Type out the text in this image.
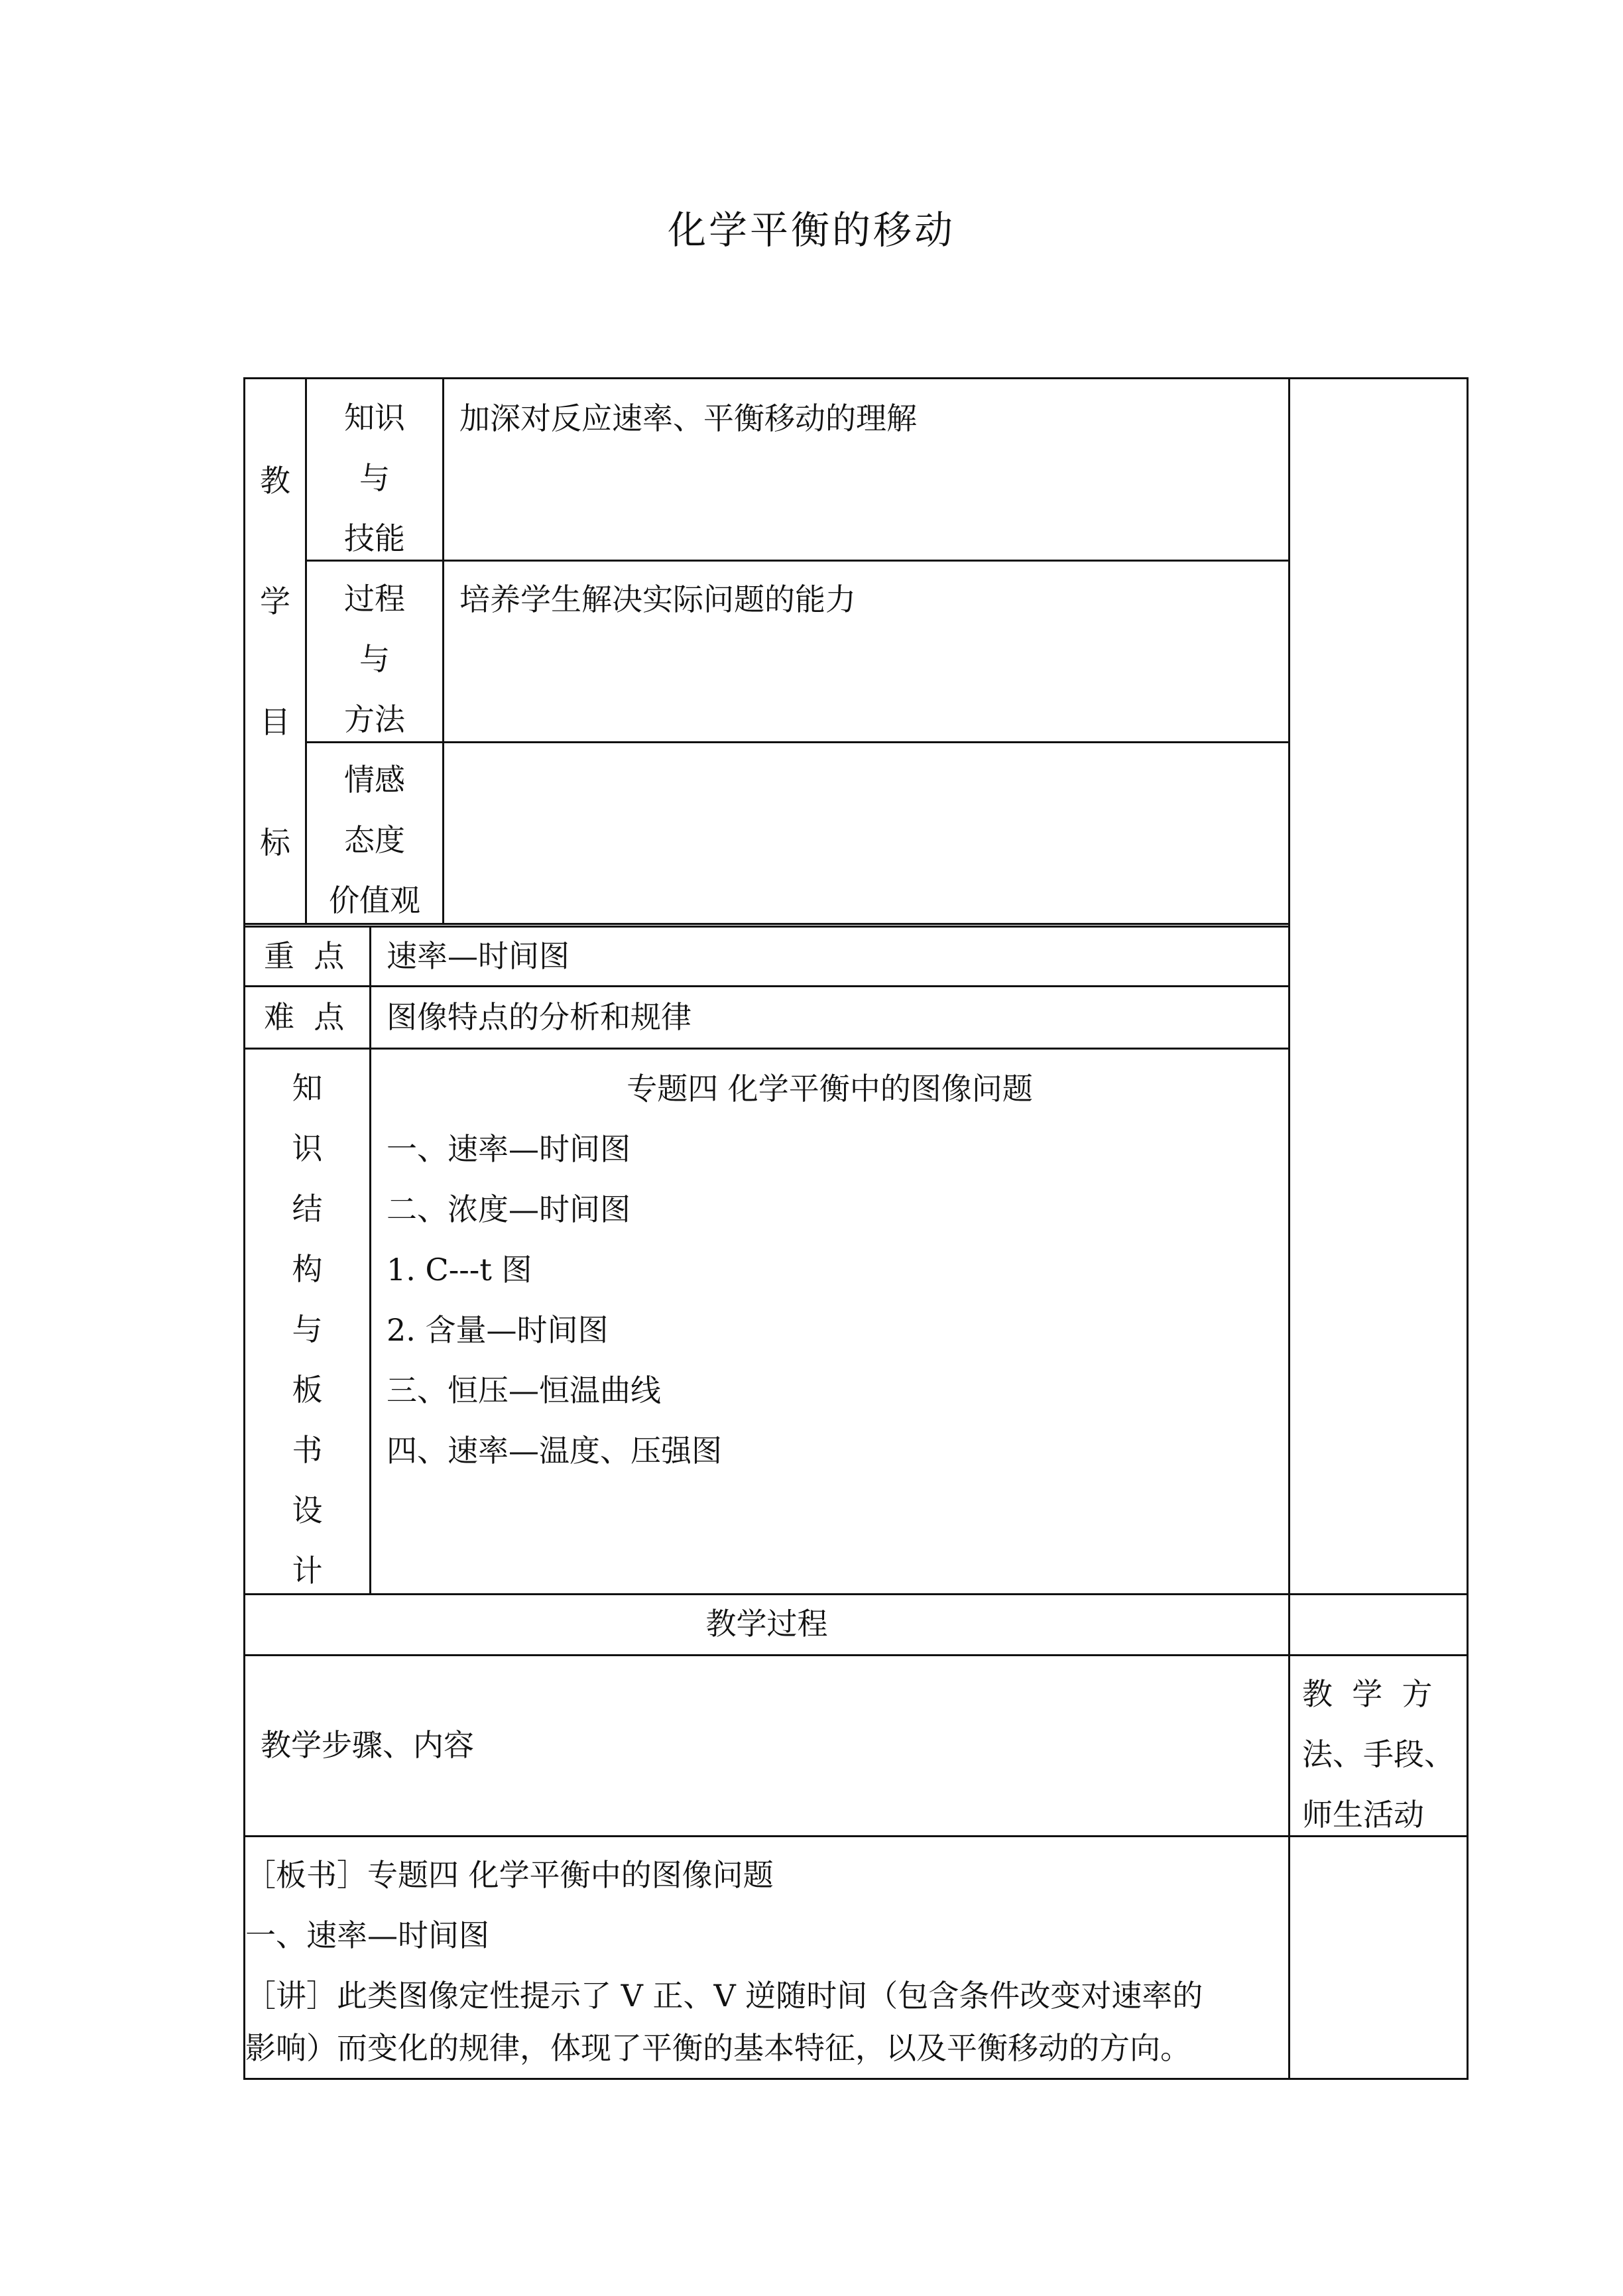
化学平衡的移动
教
学
目
标
知识
与
技能
加深对反应速率、平衡移动的理解
过程
与
方法
培养学生解决实际问题的能力
情感
态度
价值观
重  点 速率—时间图
难  点 图像特点的分析和规律
知
识
结
构
与
板
书
设
计
专题四 化学平衡中的图像问题
一、速率—时间图
二、浓度—时间图
1. C---t 图
2. 含量—时间图
三、恒压—恒温曲线
四、速率—温度、压强图
教学过程
教学步骤、内容
教  学  方
法、手段、
师生活动
［板书］专题四 化学平衡中的图像问题
一、速率—时间图
［讲］此类图像定性提示了 V 正、V 逆随时间（包含条件改变对速率的
影响）而变化的规律，体现了平衡的基本特征，以及平衡移动的方向。
